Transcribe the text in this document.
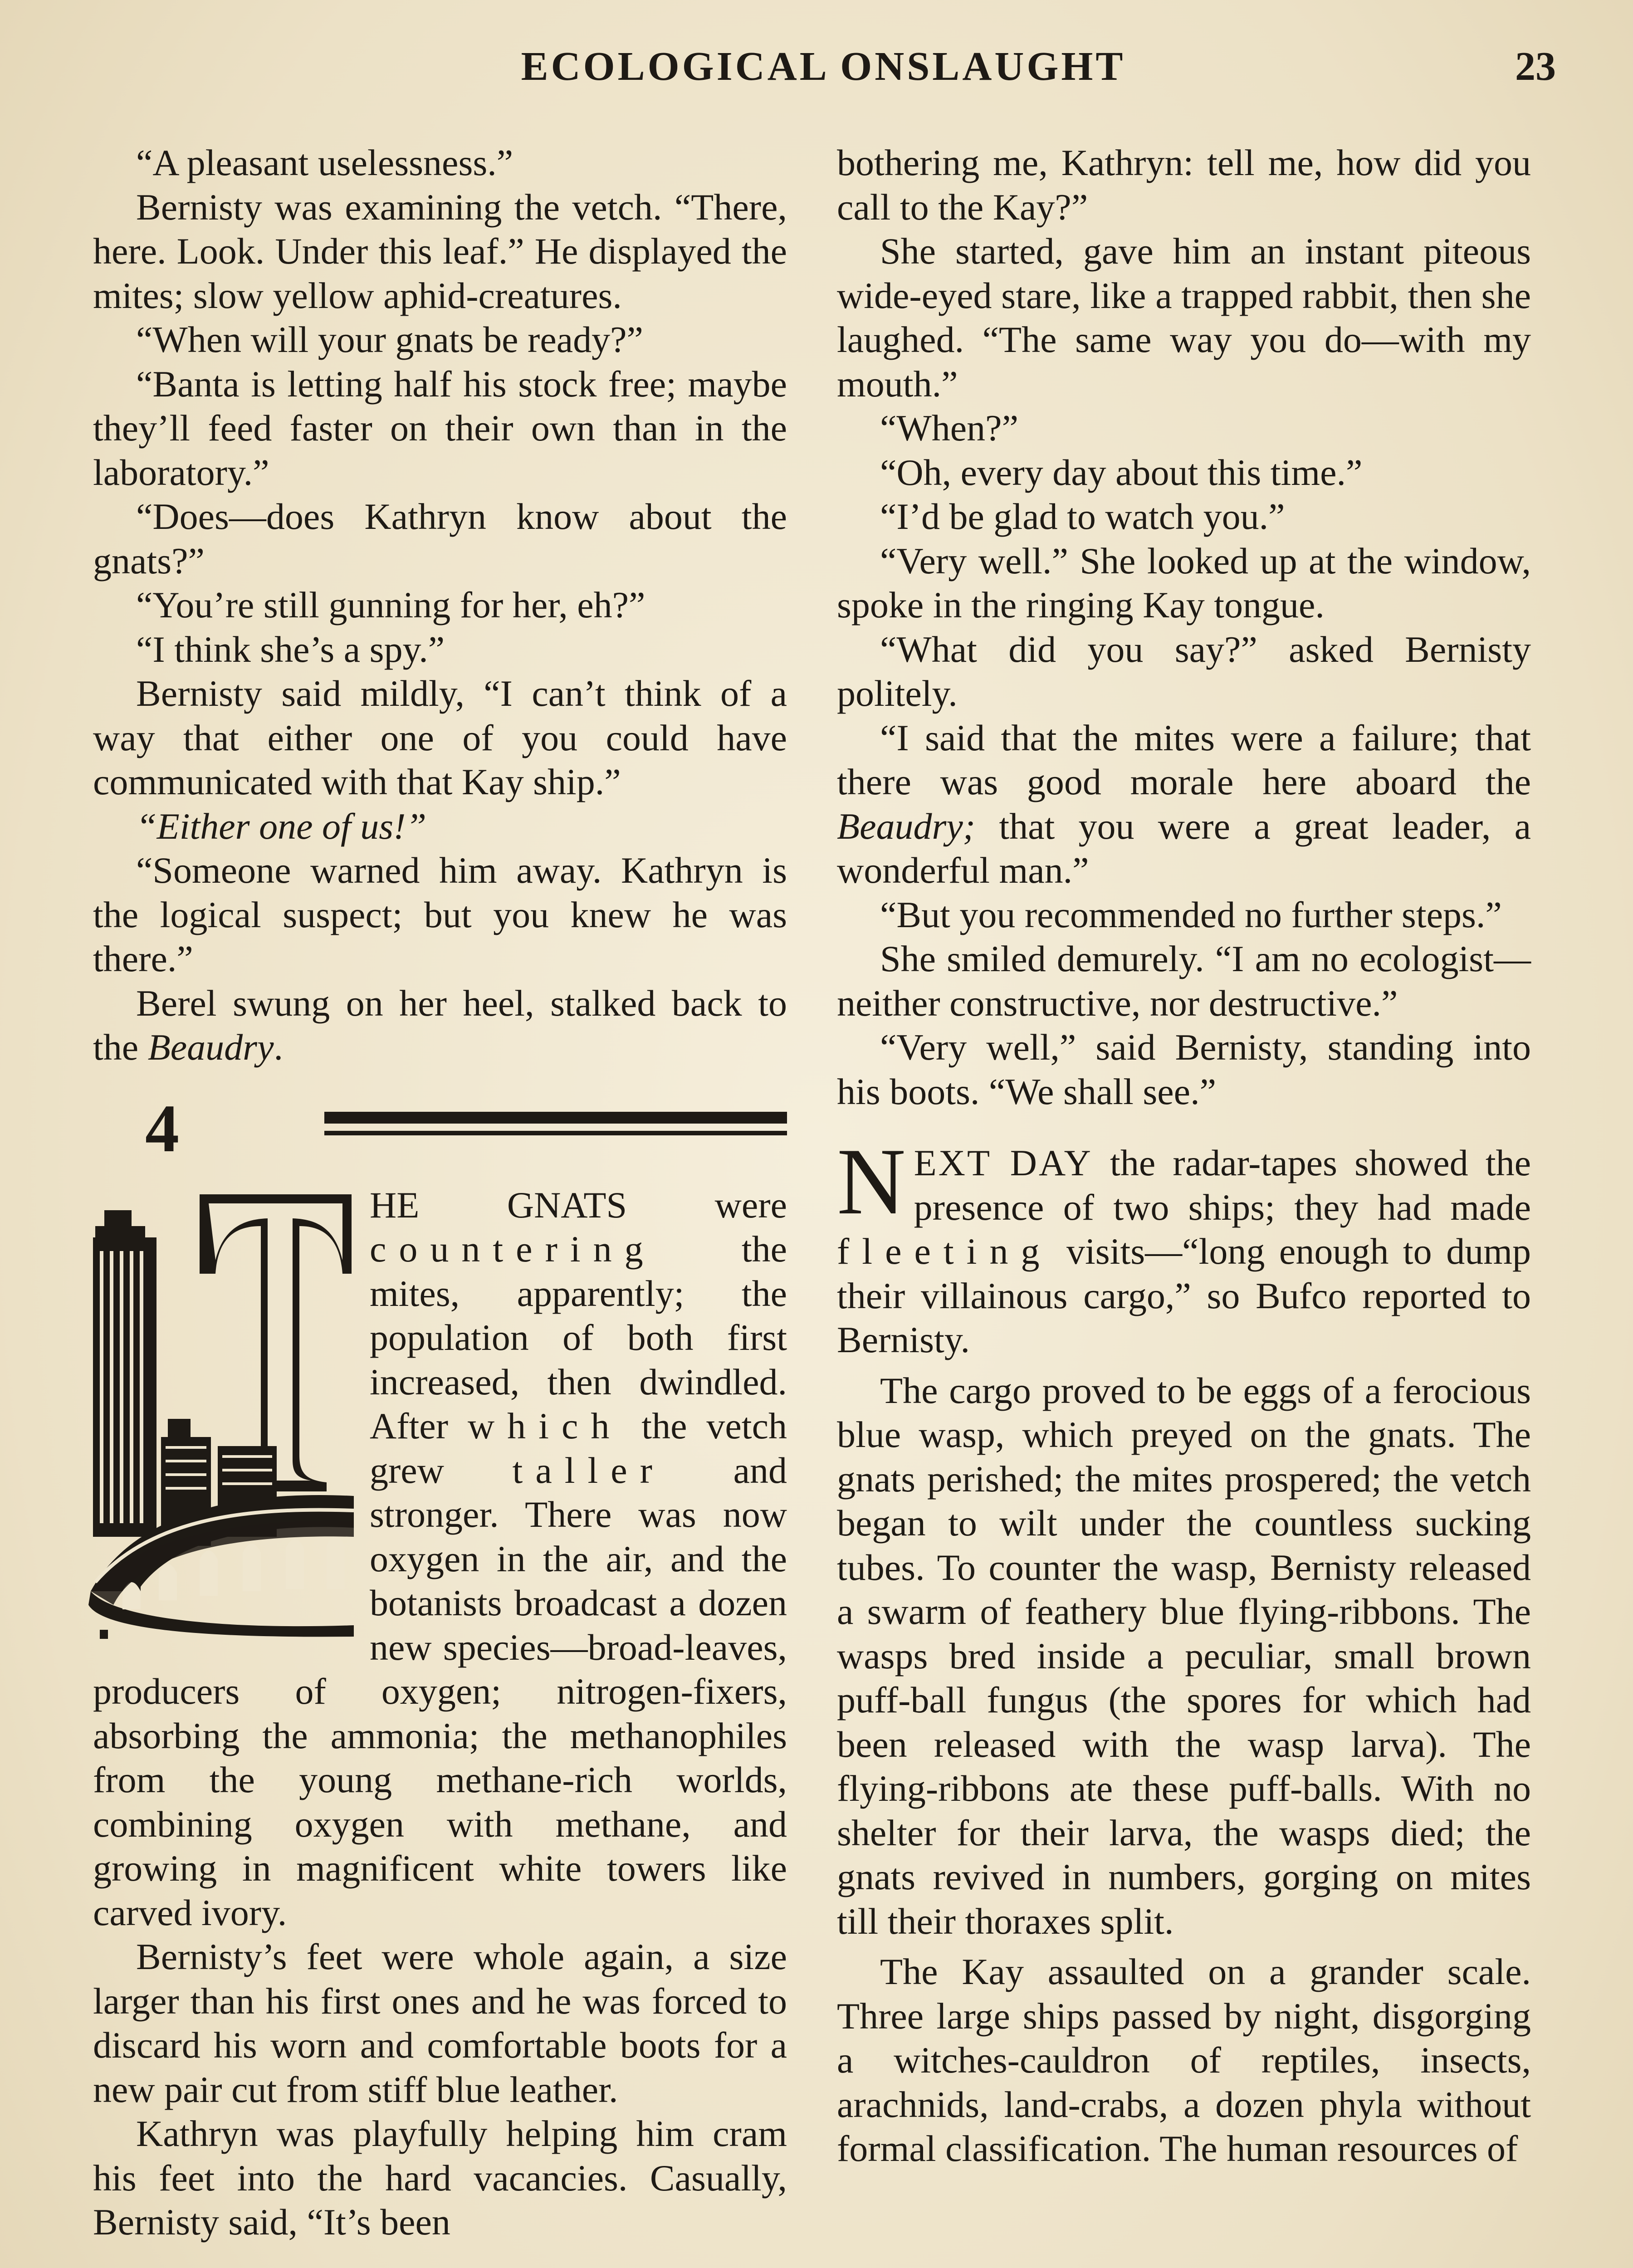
ECOLOGICAL ONSLAUGHT	23

“A pleasant uselessness.”

Bernisty was examining the vetch. “There, here. Look. Under this leaf.” He displayed the mites; slow yellow aphid-creatures.

“When will your gnats be ready?”

“Banta is letting half his stock free; maybe they’ll feed faster on their own than in the laboratory.”

“Does—does Kathryn know about the gnats?”

“You’re still gunning for her, eh?”

“I think she’s a spy.”

Bernisty said mildly, “I can’t think of a way that either one of you could have communicated with that Kay ship.”

“Either one of us!”

“Someone warned him away. Kathryn is the logical suspect; but you knew he was there.”

Berel swung on her heel, stalked back to the Beaudry.

4

HE GNATS were countering the mites, apparently; the population of both first increased, then dwindled. After which the vetch grew taller and stronger. There was now oxygen in the air, and the botanists broadcast a dozen new species—broad-leaves, producers of oxygen; nitrogen-fixers, absorbing the ammonia; the methanophiles from the young methane-rich worlds, combining oxygen with methane, and growing in magnificent white towers like carved ivory.

Bernisty’s feet were whole again, a size larger than his first ones and he was forced to discard his worn and comfortable boots for a new pair cut from stiff blue leather.

Kathryn was playfully helping him cram his feet into the hard vacancies. Casually, Bernisty said, “It’s been

bothering me, Kathryn: tell me, how did you call to the Kay?”

She started, gave him an instant piteous wide-eyed stare, like a trapped rabbit, then she laughed. “The same way you do—with my mouth.”

“When?”

“Oh, every day about this time.”

“I’d be glad to watch you.”

“Very well.” She looked up at the window, spoke in the ringing Kay tongue.

“What did you say?” asked Bernisty politely.

“I said that the mites were a failure; that there was good morale here aboard the Beaudry; that you were a great leader, a wonderful man.”

“But you recommended no further steps.”

She smiled demurely. “I am no ecologist—neither constructive, nor destructive.”

“Very well,” said Bernisty, standing into his boots. “We shall see.”

NEXT DAY the radar-tapes showed the presence of two ships; they had made fleeting visits—“long enough to dump their villainous cargo,” so Bufco reported to Bernisty.

The cargo proved to be eggs of a ferocious blue wasp, which preyed on the gnats. The gnats perished; the mites prospered; the vetch began to wilt under the countless sucking tubes. To counter the wasp, Bernisty released a swarm of feathery blue flying-ribbons. The wasps bred inside a peculiar, small brown puff-ball fungus (the spores for which had been released with the wasp larva). The flying-ribbons ate these puff-balls. With no shelter for their larva, the wasps died; the gnats revived in numbers, gorging on mites till their thoraxes split.

The Kay assaulted on a grander scale. Three large ships passed by night, disgorging a witches-cauldron of reptiles, insects, arachnids, land-crabs, a dozen phyla without formal classification. The human resources of
